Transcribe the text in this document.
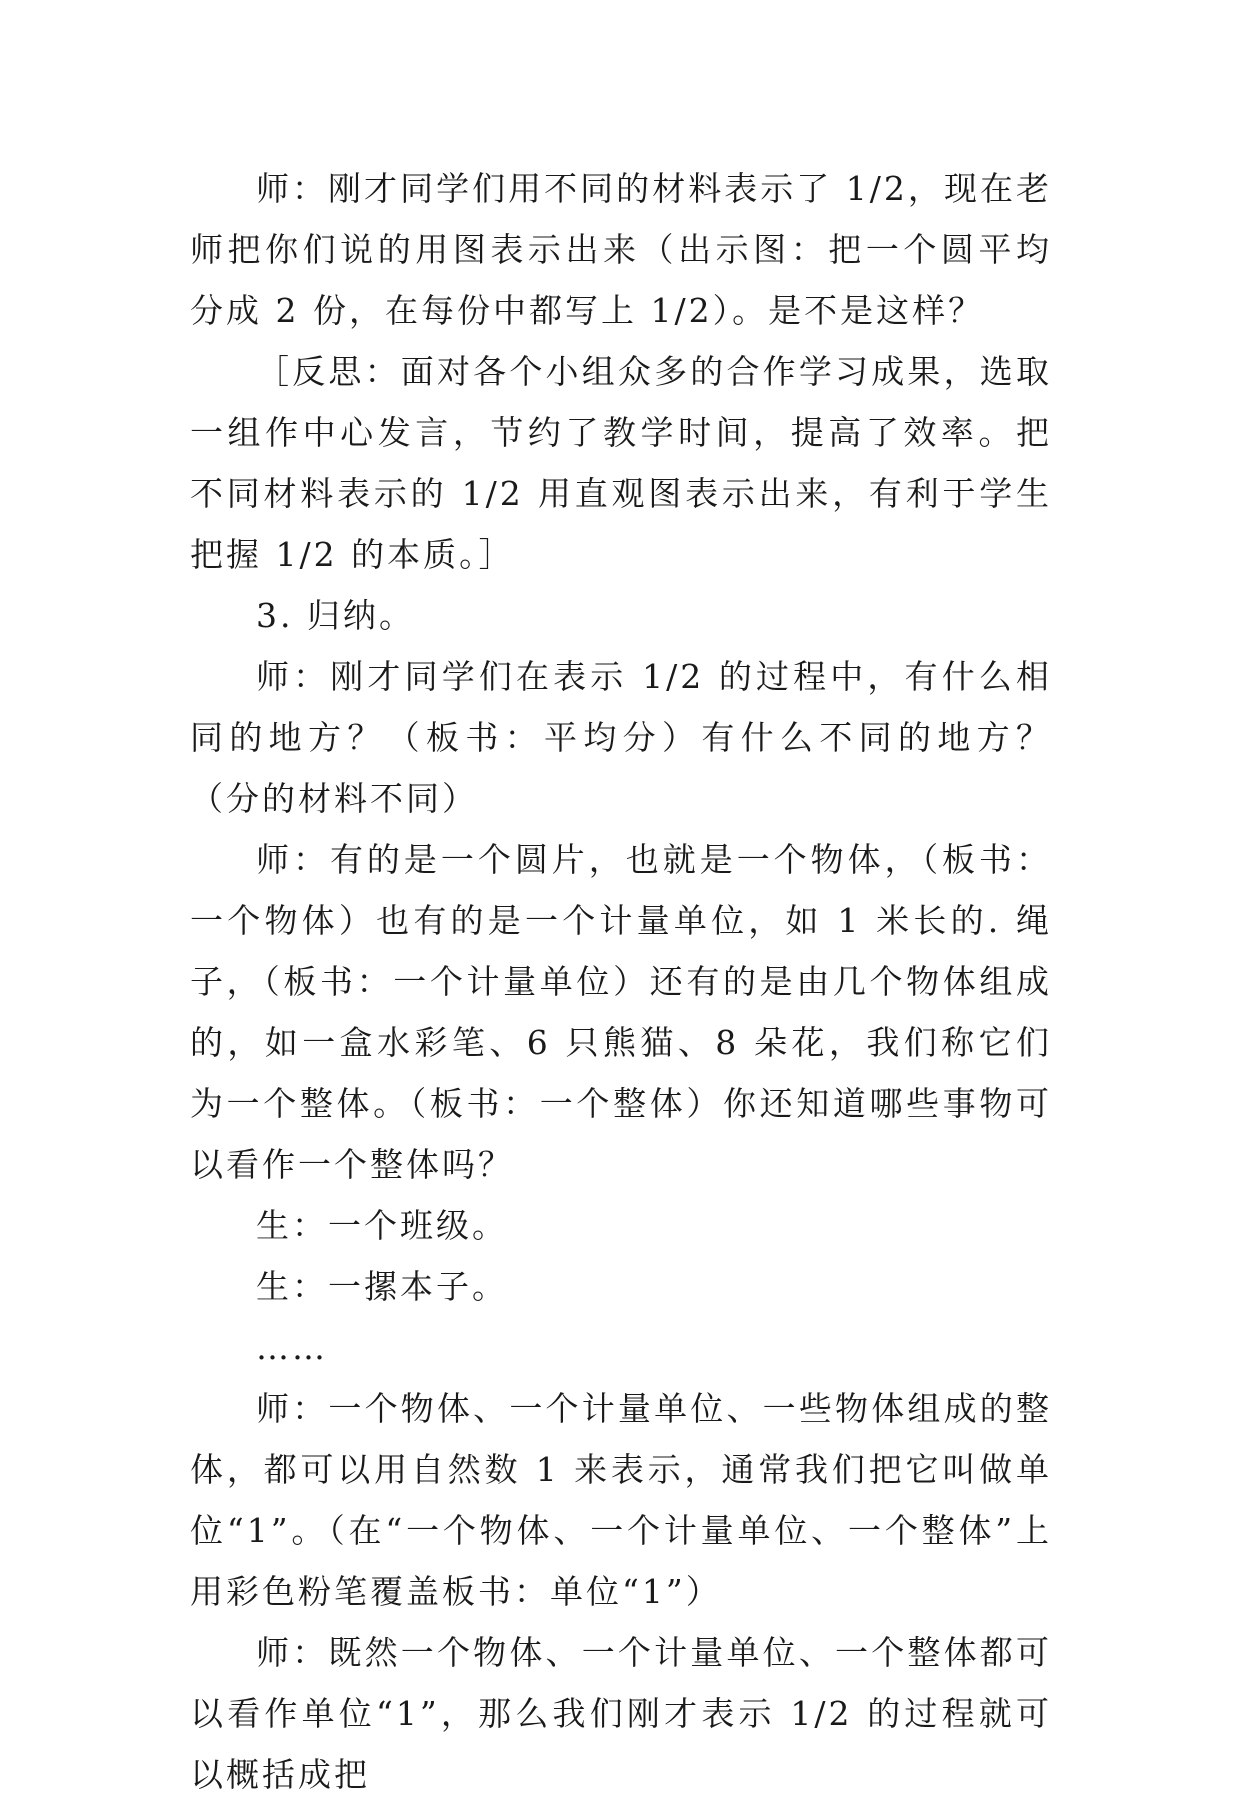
师：刚才同学们用不同的材料表示了 1/2，现在老师把你们说的用图表示出来（出示图：把一个圆平均分成 2 份，在每份中都写上 1/2）。是不是这样？

［反思：面对各个小组众多的合作学习成果，选取一组作中心发言，节约了教学时间，提高了效率。把不同材料表示的 1/2 用直观图表示出来，有利于学生把握 1/2 的本质。］

3. 归纳。

师：刚才同学们在表示 1/2 的过程中，有什么相同的地方？（板书：平均分）有什么不同的地方？（分的材料不同）

师：有的是一个圆片，也就是一个物体，（板书：一个物体）也有的是一个计量单位，如 1 米长的. 绳子，（板书：一个计量单位）还有的是由几个物体组成的，如一盒水彩笔、6 只熊猫、8 朵花，我们称它们为一个整体。（板书：一个整体）你还知道哪些事物可以看作一个整体吗？

生：一个班级。

生：一摞本子。

……

师：一个物体、一个计量单位、一些物体组成的整体，都可以用自然数 1 来表示，通常我们把它叫做单位“1”。（在“一个物体、一个计量单位、一个整体”上用彩色粉笔覆盖板书：单位“1”）

师：既然一个物体、一个计量单位、一个整体都可以看作单位“1”，那么我们刚才表示 1/2 的过程就可以概括成把
